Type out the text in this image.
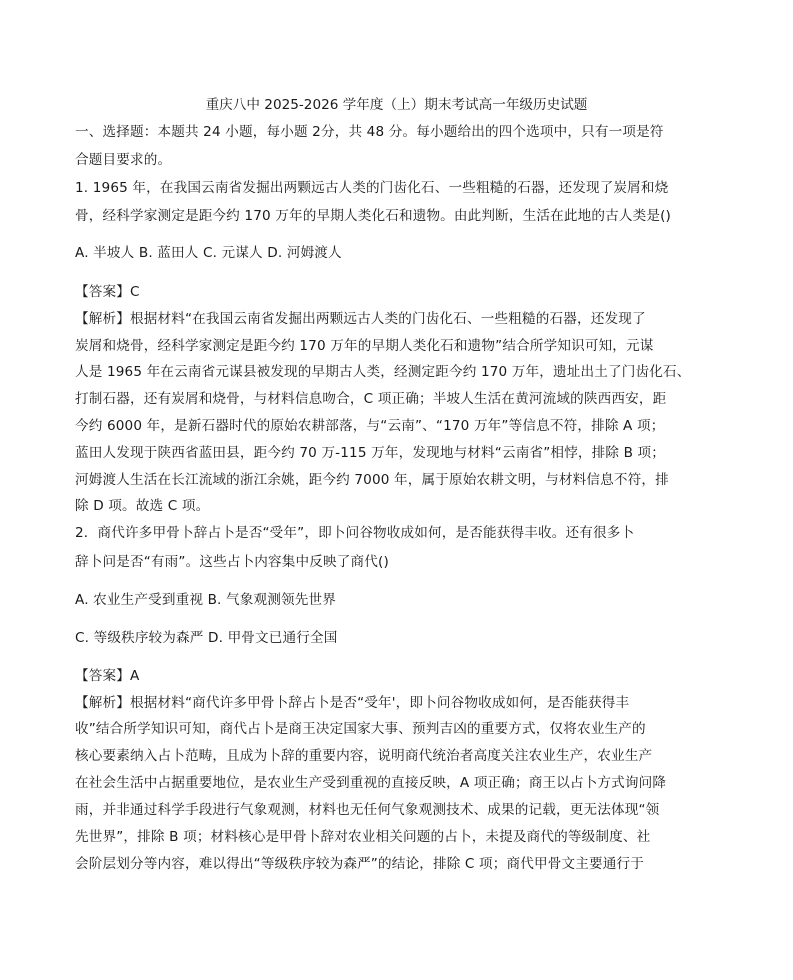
重庆八中 2025-2026 学年度（上）期末考试高一年级历史试题
一、选择题：本题共 24 小题，每小题 2分，共 48 分。每小题给出的四个选项中，只有一项是符
合题目要求的。
1. 1965 年，在我国云南省发掘出两颗远古人类的门齿化石、一些粗糙的石器，还发现了炭屑和烧
骨，经科学家测定是距今约 170 万年的早期人类化石和遗物。由此判断，生活在此地的古人类是()
A. 半坡人 B. 蓝田人 C. 元谋人 D. 河姆渡人
【答案】C
【解析】根据材料“在我国云南省发掘出两颗远古人类的门齿化石、一些粗糙的石器，还发现了
炭屑和烧骨，经科学家测定是距今约 170 万年的早期人类化石和遗物”结合所学知识可知，元谋
人是 1965 年在云南省元谋县被发现的早期古人类，经测定距今约 170 万年，遗址出土了门齿化石、
打制石器，还有炭屑和烧骨，与材料信息吻合，C 项正确；半坡人生活在黄河流域的陕西西安，距
今约 6000 年，是新石器时代的原始农耕部落，与“云南”、“170 万年”等信息不符，排除 A 项；
蓝田人发现于陕西省蓝田县，距今约 70 万-115 万年，发现地与材料“云南省”相悖，排除 B 项；
河姆渡人生活在长江流域的浙江余姚，距今约 7000 年，属于原始农耕文明，与材料信息不符，排
除 D 项。故选 C 项。
2．商代许多甲骨卜辞占卜是否“受年”，即卜问谷物收成如何，是否能获得丰收。还有很多卜
辞卜问是否“有雨”。这些占卜内容集中反映了商代()
A. 农业生产受到重视 B. 气象观测领先世界
C. 等级秩序较为森严 D. 甲骨文已通行全国
【答案】A
【解析】根据材料“商代许多甲骨卜辞占卜是否“受年'，即卜问谷物收成如何，是否能获得丰
收”结合所学知识可知，商代占卜是商王决定国家大事、预判吉凶的重要方式，仅将农业生产的
核心要素纳入占卜范畴，且成为卜辞的重要内容，说明商代统治者高度关注农业生产，农业生产
在社会生活中占据重要地位，是农业生产受到重视的直接反映，A 项正确；商王以占卜方式询问降
雨，并非通过科学手段进行气象观测，材料也无任何气象观测技术、成果的记载，更无法体现“领
先世界”，排除 B 项；材料核心是甲骨卜辞对农业相关问题的占卜，未提及商代的等级制度、社
会阶层划分等内容，难以得出“等级秩序较为森严”的结论，排除 C 项；商代甲骨文主要通行于
